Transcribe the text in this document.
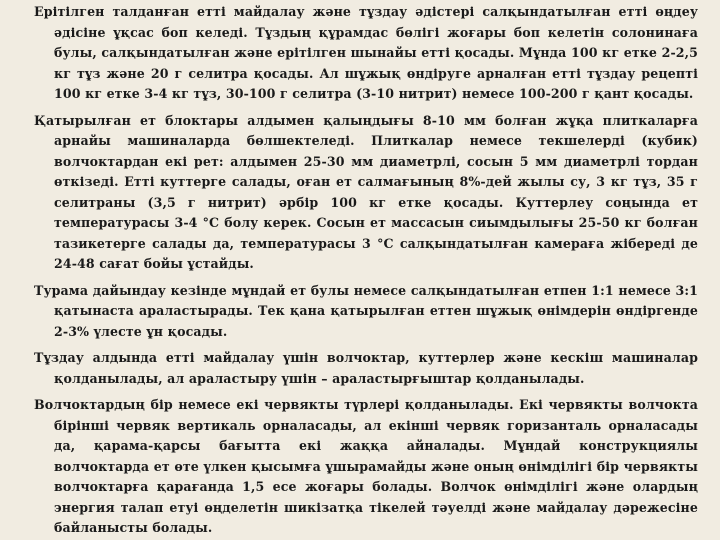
Ерітілген талданған етті майдалау және тұздау әдістері салқындатылған етті өңдеу әдісіне ұқсас боп келеді. Тұздың құрамдас бөлігі жоғары боп келетін солонинаға булы, салқындатылған және ерітілген шынайы етті қосады. Мұнда 100 кг етке 2-2,5 кг тұз және 20 г селитра қосады. Ал шұжық өндіруге арналған етті тұздау рецепті 100 кг етке 3-4 кг тұз, 30-100 г селитра (3-10 нитрит) немесе 100-200 г қант қосады.

Қатырылған ет блоктары алдымен қалыңдығы 8-10 мм болған жұқа плиткаларға арнайы машиналарда бөлшектеледі. Плиткалар немесе текшелерді (кубик) волчоктардан екі рет: алдымен 25-30 мм диаметрлі, сосын 5 мм диаметрлі тордан өткізеді. Етті куттерге салады, оған ет салмағының 8%-дей жылы су, 3 кг тұз, 35 г селитраны (3,5 г нитрит) әрбір 100 кг етке қосады. Куттерлеу соңында ет температурасы 3-4 °С болу керек. Сосын ет массасын сиымдылығы 25-50 кг болған тазикетерге салады да, температурасы 3 °С салқындатылған камераға жібереді де 24-48 сағат бойы ұстайды.

Турама дайындау кезінде мұндай ет булы немесе салқындатылған етпен 1:1 немесе 3:1 қатынаста араластырады. Тек қана қатырылған еттен шұжық өнімдерін өндіргенде 2-3% үлесте ұн қосады.

Тұздау алдында етті майдалау үшін волчоктар, куттерлер және кескіш машиналар қолданылады, ал араластыру үшін – араластырғыштар қолданылады.

Волчоктардың бір немесе екі червякты түрлері қолданылады. Екі червякты волчокта бірінші червяк вертикаль орналасады, ал екінші червяк горизанталь орналасады да, қарама-қарсы бағытта екі жаққа айналады. Мұндай конструкциялы волчоктарда ет өте үлкен қысымға ұшырамайды және оның өнімділігі бір червякты волчоктарға қарағанда 1,5 есе жоғары болады. Волчок өнімділігі және олардың энергия талап етуі өңделетін шикізатқа тікелей тәуелді және майдалау дәрежесіне байланысты болады.
